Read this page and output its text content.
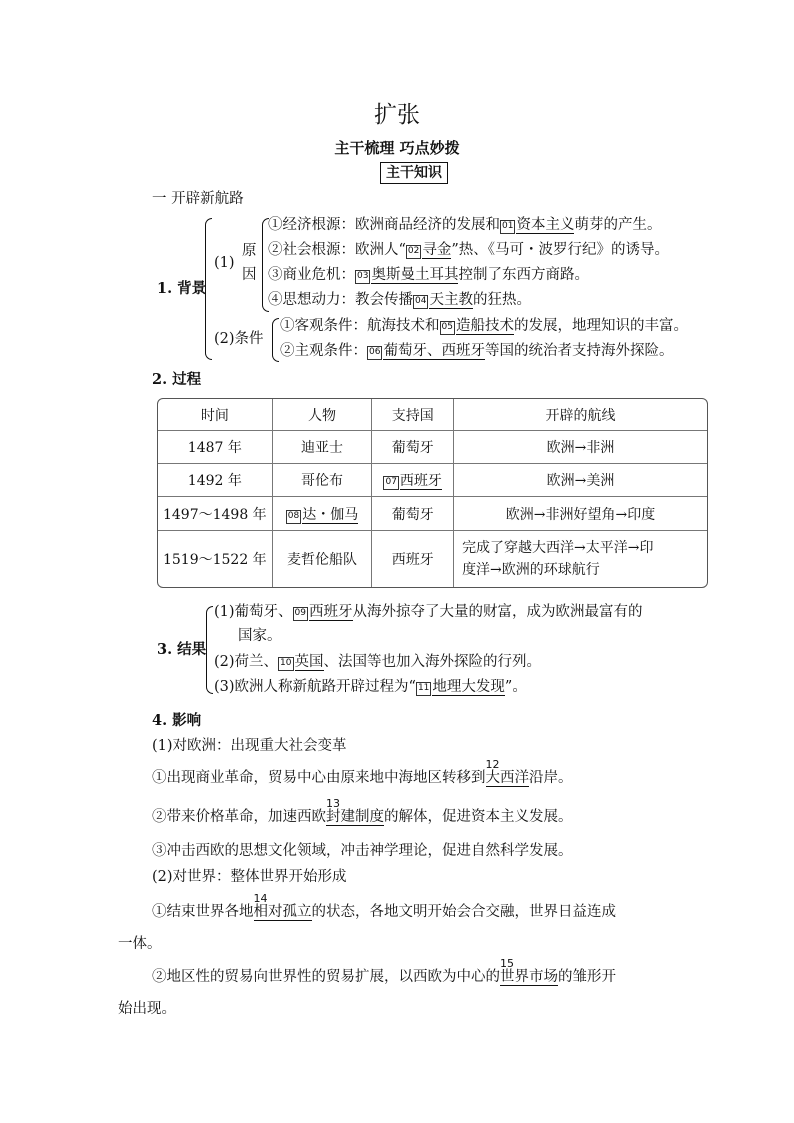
扩张
主干梳理 巧点妙拨
主干知识
一 开辟新航路
1. 背景
(1)
原
因
①经济根源：欧洲商品经济的发展和 01 资本主义萌芽的产生。
②社会根源：欧洲人“ 02 寻金”热、《马可・波罗行纪》的诱导。
③商业危机： 03 奥斯曼土耳其控制了东西方商路。
④思想动力：教会传播 04 天主教的狂热。
(2)条件
①客观条件：航海技术和 05 造船技术的发展，地理知识的丰富。
②主观条件： 06 葡萄牙、西班牙等国的统治者支持海外探险。
2. 过程
时间	人物	支持国	开辟的航线
1487 年	迪亚士	葡萄牙	欧洲→非洲
1492 年	哥伦布	07 西班牙	欧洲→美洲
1497～1498 年	08 达・伽马	葡萄牙	欧洲→非洲好望角→印度
1519～1522 年	麦哲伦船队	西班牙	完成了穿越大西洋→太平洋→印
度洋→欧洲的环球航行
3. 结果
(1)葡萄牙、 09 西班牙从海外掠夺了大量的财富，成为欧洲最富有的
国家。
(2)荷兰、 10 英国、法国等也加入海外探险的行列。
(3)欧洲人称新航路开辟过程为“ 11 地理大发现”。
4. 影响
(1)对欧洲：出现重大社会变革
①出现商业革命，贸易中心由原来地中海地区转移到
12
大西洋沿岸。
②带来价格革命，加速西欧
13
封建制度的解体，促进资本主义发展。
③冲击西欧的思想文化领域，冲击神学理论，促进自然科学发展。
(2)对世界：整体世界开始形成
①结束世界各地
14
相对孤立的状态，各地文明开始会合交融，世界日益连成
一体。
②地区性的贸易向世界性的贸易扩展，以西欧为中心的
15
世界市场的雏形开
始出现。
